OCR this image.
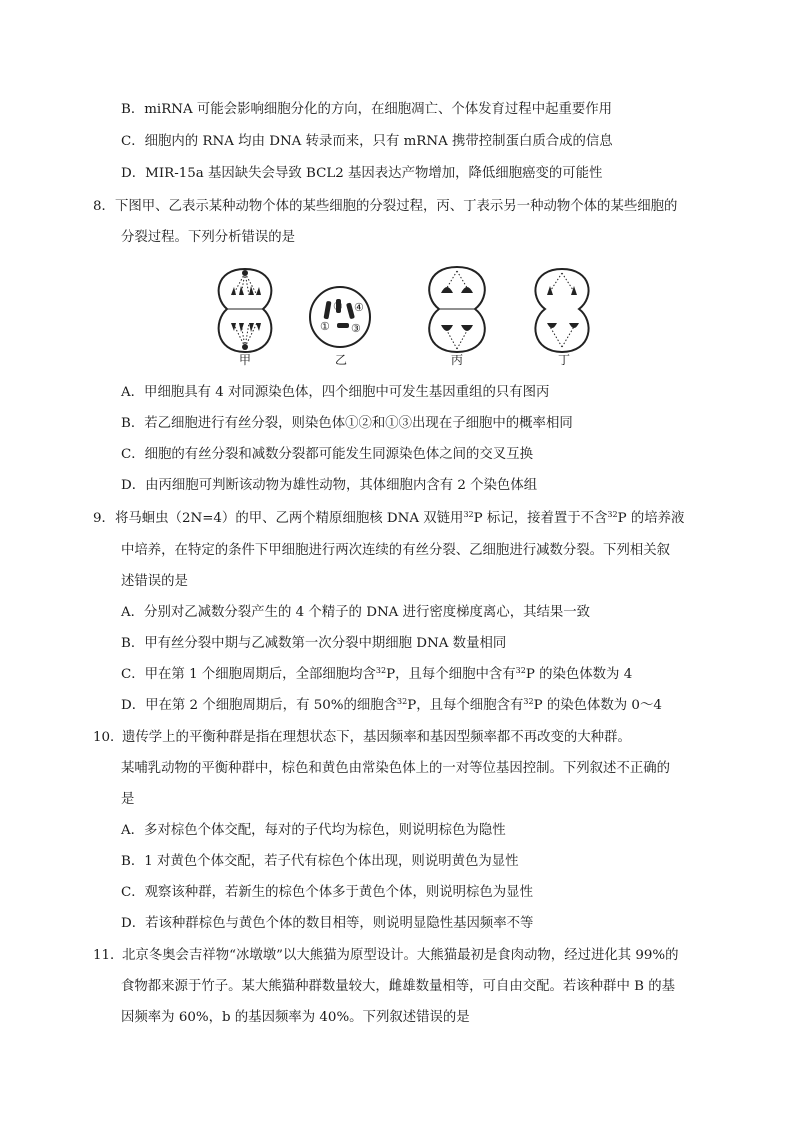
B．miRNA 可能会影响细胞分化的方向，在细胞凋亡、个体发育过程中起重要作用
C．细胞内的 RNA 均由 DNA 转录而来，只有 mRNA 携带控制蛋白质合成的信息
D．MIR-15a 基因缺失会导致 BCL2 基因表达产物增加，降低细胞癌变的可能性
8． 下图甲、乙表示某种动物个体的某些细胞的分裂过程，丙、丁表示另一种动物个体的某些细胞的
分裂过程。下列分析错误的是
①
②
③
④
甲	乙	丙	丁
A．甲细胞具有 4 对同源染色体，四个细胞中可发生基因重组的只有图丙
B．若乙细胞进行有丝分裂，则染色体①②和①③出现在子细胞中的概率相同
C．细胞的有丝分裂和减数分裂都可能发生同源染色体之间的交叉互换
D．由丙细胞可判断该动物为雄性动物，其体细胞内含有 2 个染色体组
9． 将马蛔虫（2N=4）的甲、乙两个精原细胞核 DNA 双链用$^{32}$P 标记，接着置于不含$^{32}$P 的培养液
中培养，在特定的条件下甲细胞进行两次连续的有丝分裂、乙细胞进行减数分裂。下列相关叙
述错误的是
A．分别对乙减数分裂产生的 4 个精子的 DNA 进行密度梯度离心，其结果一致
B．甲有丝分裂中期与乙减数第一次分裂中期细胞 DNA 数量相同
C．甲在第 1 个细胞周期后，全部细胞均含$^{32}$P，且每个细胞中含有$^{32}$P 的染色体数为 4
D．甲在第 2 个细胞周期后，有 50%的细胞含$^{32}$P，且每个细胞含有$^{32}$P 的染色体数为 0～4
10．
遗传学上的平衡种群是指在理想状态下，基因频率和基因型频率都不再改变的大种群。
某哺乳动物的平衡种群中，棕色和黄色由常染色体上的一对等位基因控制。下列叙述不正确的
是
A．多对棕色个体交配，每对的子代均为棕色，则说明棕色为隐性
B．1 对黄色个体交配，若子代有棕色个体出现，则说明黄色为显性
C．观察该种群，若新生的棕色个体多于黄色个体，则说明棕色为显性
D．若该种群棕色与黄色个体的数目相等，则说明显隐性基因频率不等
11．
北京冬奥会吉祥物“冰墩墩”以大熊猫为原型设计。大熊猫最初是食肉动物，经过进化其 99%的
食物都来源于竹子。某大熊猫种群数量较大，雌雄数量相等，可自由交配。若该种群中 B 的基
因频率为 60%，b 的基因频率为 40%。下列叙述错误的是
